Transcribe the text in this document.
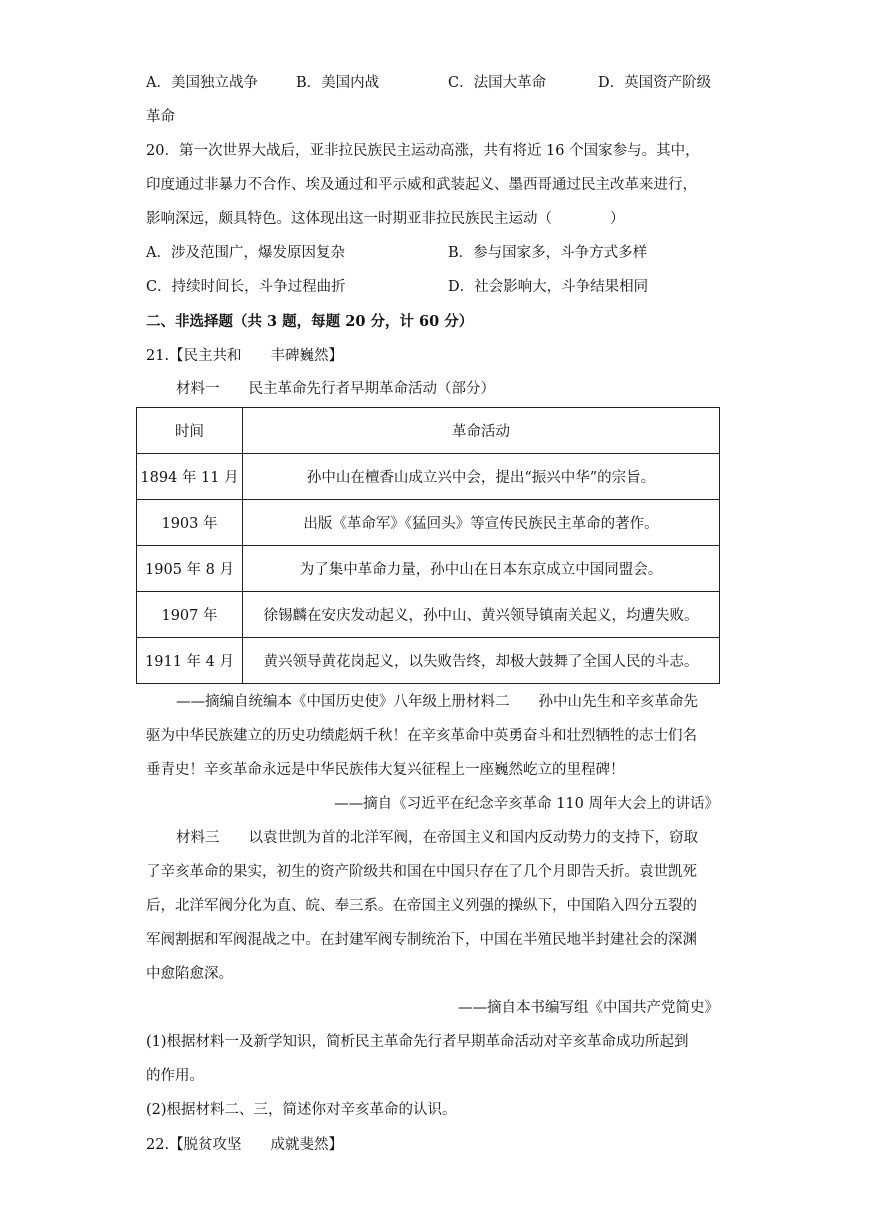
A．美国独立战争	B．美国内战	C．法国大革命	D．英国资产阶级
革命
20．第一次世界大战后，亚非拉民族民主运动高涨，共有将近 16 个国家参与。其中，
印度通过非暴力不合作、埃及通过和平示威和武装起义、墨西哥通过民主改革来进行，
影响深远，颇具特色。这体现出这一时期亚非拉民族民主运动（　　　　）
A．涉及范围广，爆发原因复杂	B．参与国家多，斗争方式多样
C．持续时间长，斗争过程曲折	D．社会影响大，斗争结果相同
二、非选择题（共 3 题，每题 20 分，计 60 分）
21.【民主共和　　丰碑巍然】
材料一　　民主革命先行者早期革命活动（部分）
时间	革命活动
1894 年 11 月	孙中山在檀香山成立兴中会，提出“振兴中华”的宗旨。
1903 年	出版《革命军》《猛回头》等宣传民族民主革命的著作。
1905 年 8 月	为了集中革命力量，孙中山在日本东京成立中国同盟会。
1907 年	徐锡麟在安庆发动起义，孙中山、黄兴领导镇南关起义，均遭失败。
1911 年 4 月	黄兴领导黄花岗起义，以失败告终，却极大鼓舞了全国人民的斗志。
——摘编自统编本《中国历史使》八年级上册材料二　　孙中山先生和辛亥革命先
驱为中华民族建立的历史功绩彪炳千秋！在辛亥革命中英勇奋斗和壮烈牺牲的志士们名
垂青史！辛亥革命永远是中华民族伟大复兴征程上一座巍然屹立的里程碑！
——摘自《习近平在纪念辛亥革命 110 周年大会上的讲话》
材料三　　以袁世凯为首的北洋军阀，在帝国主义和国内反动势力的支持下，窃取
了辛亥革命的果实，初生的资产阶级共和国在中国只存在了几个月即告夭折。袁世凯死
后，北洋军阀分化为直、皖、奉三系。在帝国主义列强的操纵下，中国陷入四分五裂的
军阀割据和军阀混战之中。在封建军阀专制统治下，中国在半殖民地半封建社会的深渊
中愈陷愈深。
——摘自本书编写组《中国共产党简史》
(1)根据材料一及新学知识，简析民主革命先行者早期革命活动对辛亥革命成功所起到
的作用。
(2)根据材料二、三，简述你对辛亥革命的认识。
22.【脱贫攻坚　　成就斐然】
